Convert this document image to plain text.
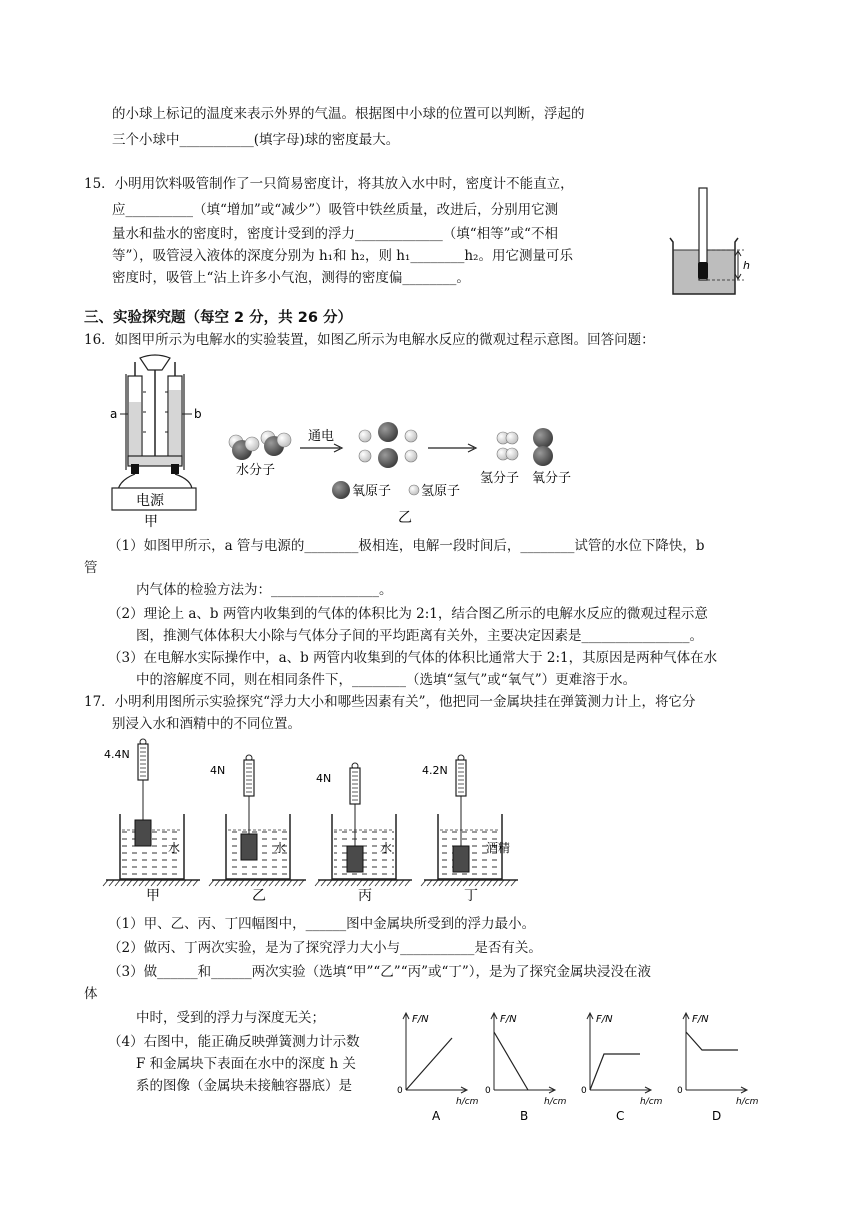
的小球上标记的温度来表示外界的气温。根据图中小球的位置可以判断，浮起的
三个小球中___________(填字母)球的密度最大。
15．小明用饮料吸管制作了一只简易密度计，将其放入水中时，密度计不能直立，
应__________（填“增加”或“减少”）吸管中铁丝质量，改进后，分别用它测
量水和盐水的密度时，密度计受到的浮力_____________（填“相等”或“不相
等”），吸管浸入液体的深度分别为 h₁和 h₂，则 h₁________h₂。用它测量可乐
密度时，吸管上“沾上许多小气泡，测得的密度偏________。
h
三、实验探究题（每空 2 分，共 26 分）
16．如图甲所示为电解水的实验装置，如图乙所示为电解水反应的微观过程示意图。回答问题：
a	b
电源
甲
水分子
通电
氢分子 氧分子
氧原子 氢原子
乙
（1）如图甲所示，a 管与电源的________极相连，电解一段时间后，________试管的水位下降快，b
管
内气体的检验方法为：________________。
（2）理论上 a、b 两管内收集到的气体的体积比为 2:1，结合图乙所示的电解水反应的微观过程示意
图，推测气体体积大小除与气体分子间的平均距离有关外，主要决定因素是________________。
（3）在电解水实际操作中，a、b 两管内收集到的气体的体积比通常大于 2:1，其原因是两种气体在水
中的溶解度不同，则在相同条件下，________（选填“氢气”或“氧气”）更难溶于水。
17．小明利用图所示实验探究“浮力大小和哪些因素有关”，他把同一金属块挂在弹簧测力计上，将它分
别浸入水和酒精中的不同位置。
4.4N
水
甲
4N
水
乙
4N
水
丙
4.2N
酒精
丁
（1）甲、乙、丙、丁四幅图中，______图中金属块所受到的浮力最小。
（2）做丙、丁两次实验，是为了探究浮力大小与___________是否有关。
（3）做______和______两次实验（选填“甲”“乙”“丙”或“丁”），是为了探究金属块浸没在液
体
中时，受到的浮力与深度无关；
（4）右图中，能正确反映弹簧测力计示数
F 和金属块下表面在水中的深度 h 关
系的图像（金属块未接触容器底）是
F/N
h/cm
0
A
F/N
h/cm
0
B
F/N
h/cm
0
C
F/N
h/cm
0
D
